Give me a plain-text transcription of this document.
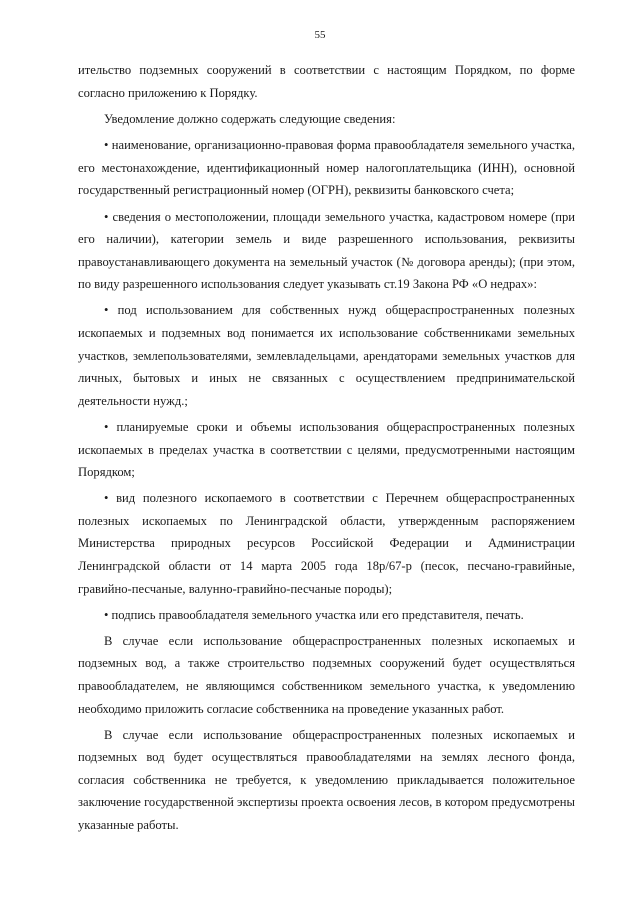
55

ительство подземных сооружений в соответствии с настоящим Порядком, по форме согласно приложению к Порядку.

Уведомление должно содержать следующие сведения:

• наименование, организационно-правовая форма правообладателя земельного участка, его местонахождение, идентификационный номер налогоплательщика (ИНН), основной государственный регистрационный номер (ОГРН), реквизиты банковского счета;

• сведения о местоположении, площади земельного участка, кадастровом номере (при его наличии), категории земель и виде разрешенного использования, реквизиты правоустанавливающего документа на земельный участок (№ договора аренды); (при этом, по виду разрешенного использования следует указывать ст.19 Закона РФ «О недрах»:

• под использованием для собственных нужд общераспространенных полезных ископаемых и подземных вод понимается их использование собственниками земельных участков, землепользователями, землевладельцами, арендаторами земельных участков для личных, бытовых и иных не связанных с осуществлением предпринимательской деятельности нужд.;

• планируемые сроки и объемы использования общераспространенных полезных ископаемых в пределах участка в соответствии с целями, предусмотренными настоящим Порядком;

• вид полезного ископаемого в соответствии с Перечнем общераспространенных полезных ископаемых по Ленинградской области, утвержденным распоряжением Министерства природных ресурсов Российской Федерации и Администрации Ленинградской области от 14 марта 2005 года 18р/67-р (песок, песчано-гравийные, гравийно-песчаные, валунно-гравийно-песчаные породы);

• подпись правообладателя земельного участка или его представителя, печать.

В случае если использование общераспространенных полезных ископаемых и подземных вод, а также строительство подземных сооружений будет осуществляться правообладателем, не являющимся собственником земельного участка, к уведомлению необходимо приложить согласие собственника на проведение указанных работ.

В случае если использование общераспространенных полезных ископаемых и подземных вод будет осуществляться правообладателями на землях лесного фонда, согласия собственника не требуется, к уведомлению прикладывается положительное заключение государственной экспертизы проекта освоения лесов, в котором предусмотрены указанные работы.
